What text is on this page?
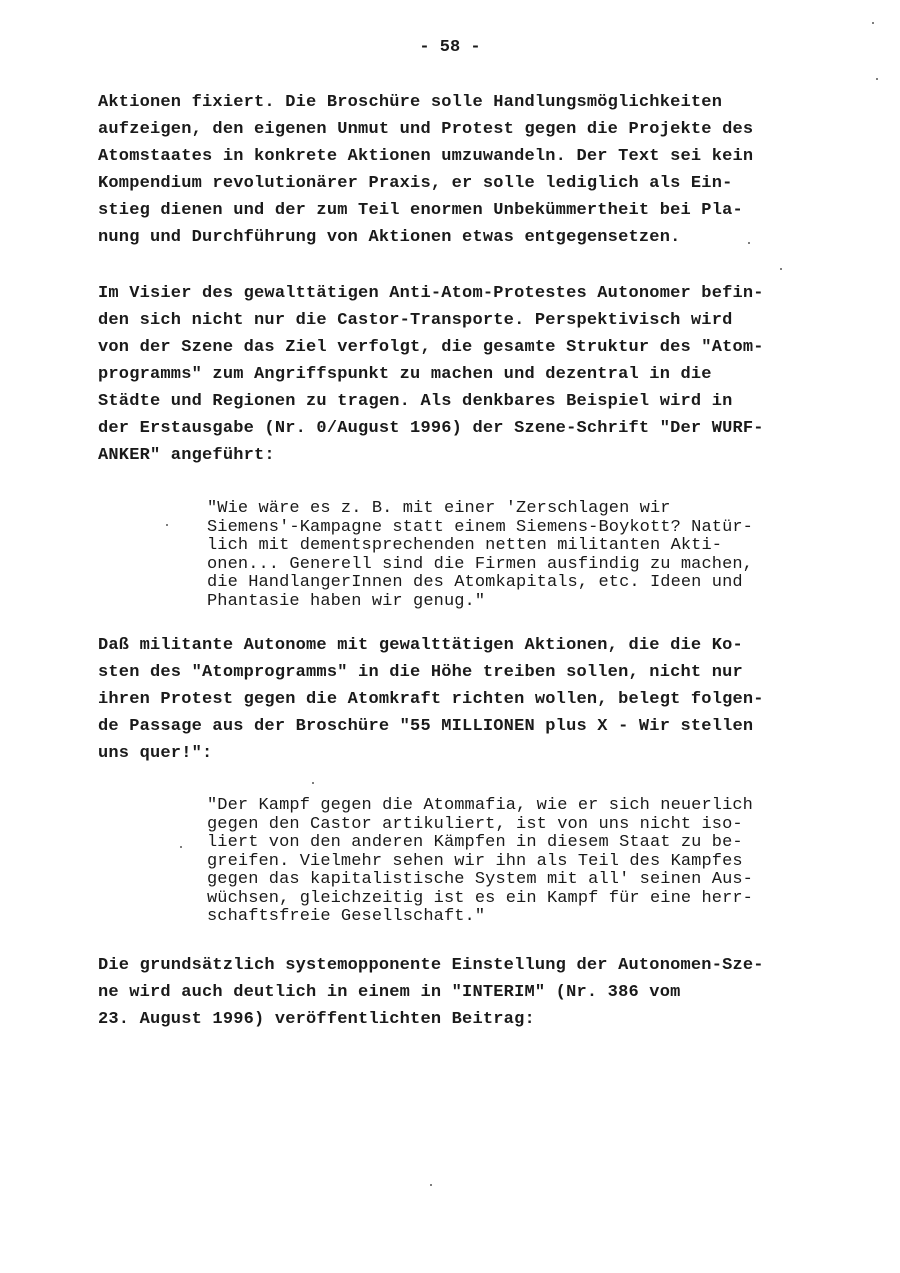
- 58 -

Aktionen fixiert. Die Broschüre solle Handlungsmöglichkeiten
aufzeigen, den eigenen Unmut und Protest gegen die Projekte des
Atomstaates in konkrete Aktionen umzuwandeln. Der Text sei kein
Kompendium revolutionärer Praxis, er solle lediglich als Ein-
stieg dienen und der zum Teil enormen Unbekümmertheit bei Pla-
nung und Durchführung von Aktionen etwas entgegensetzen.

Im Visier des gewalttätigen Anti-Atom-Protestes Autonomer befin-
den sich nicht nur die Castor-Transporte. Perspektivisch wird
von der Szene das Ziel verfolgt, die gesamte Struktur des "Atom-
programms" zum Angriffspunkt zu machen und dezentral in die
Städte und Regionen zu tragen. Als denkbares Beispiel wird in
der Erstausgabe (Nr. 0/August 1996) der Szene-Schrift "Der WURF-
ANKER" angeführt:

"Wie wäre es z. B. mit einer 'Zerschlagen wir
Siemens'-Kampagne statt einem Siemens-Boykott? Natür-
lich mit dementsprechenden netten militanten Akti-
onen... Generell sind die Firmen ausfindig zu machen,
die HandlangerInnen des Atomkapitals, etc. Ideen und
Phantasie haben wir genug."

Daß militante Autonome mit gewalttätigen Aktionen, die die Ko-
sten des "Atomprogramms" in die Höhe treiben sollen, nicht nur
ihren Protest gegen die Atomkraft richten wollen, belegt folgen-
de Passage aus der Broschüre "55 MILLIONEN plus X - Wir stellen
uns quer!":

"Der Kampf gegen die Atommafia, wie er sich neuerlich
gegen den Castor artikuliert, ist von uns nicht iso-
liert von den anderen Kämpfen in diesem Staat zu be-
greifen. Vielmehr sehen wir ihn als Teil des Kampfes
gegen das kapitalistische System mit all' seinen Aus-
wüchsen, gleichzeitig ist es ein Kampf für eine herr-
schaftsfreie Gesellschaft."

Die grundsätzlich systemopponente Einstellung der Autonomen-Sze-
ne wird auch deutlich in einem in "INTERIM" (Nr. 386 vom
23. August 1996) veröffentlichten Beitrag:
